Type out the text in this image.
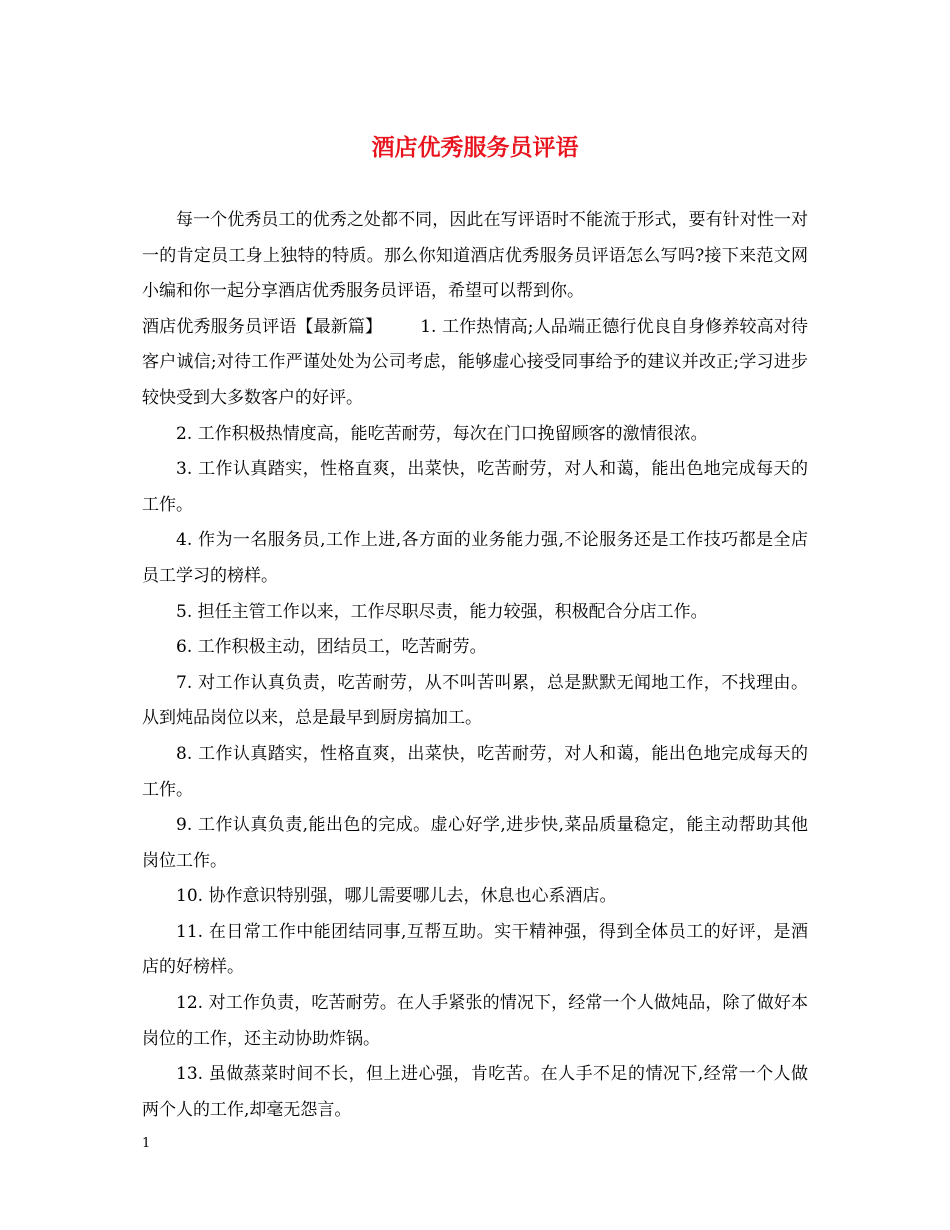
酒店优秀服务员评语

每一个优秀员工的优秀之处都不同，因此在写评语时不能流于形式，要有针对性一对一的肯定员工身上独特的特质。那么你知道酒店优秀服务员评语怎么写吗?接下来范文网小编和你一起分享酒店优秀服务员评语，希望可以帮到你。

酒店优秀服务员评语【最新篇】 1. 工作热情高;人品端正德行优良自身修养较高对待客户诚信;对待工作严谨处处为公司考虑，能够虚心接受同事给予的建议并改正;学习进步较快受到大多数客户的好评。

2. 工作积极热情度高，能吃苦耐劳，每次在门口挽留顾客的激情很浓。

3. 工作认真踏实，性格直爽，出菜快，吃苦耐劳，对人和蔼，能出色地完成每天的工作。

4. 作为一名服务员,工作上进,各方面的业务能力强,不论服务还是工作技巧都是全店员工学习的榜样。

5. 担任主管工作以来，工作尽职尽责，能力较强，积极配合分店工作。

6. 工作积极主动，团结员工，吃苦耐劳。

7. 对工作认真负责，吃苦耐劳，从不叫苦叫累，总是默默无闻地工作，不找理由。从到炖品岗位以来，总是最早到厨房搞加工。

8. 工作认真踏实，性格直爽，出菜快，吃苦耐劳，对人和蔼，能出色地完成每天的工作。

9. 工作认真负责,能出色的完成。虚心好学,进步快,菜品质量稳定，能主动帮助其他岗位工作。

10. 协作意识特别强，哪儿需要哪儿去，休息也心系酒店。

11. 在日常工作中能团结同事,互帮互助。实干精神强，得到全体员工的好评，是酒店的好榜样。

12. 对工作负责，吃苦耐劳。在人手紧张的情况下，经常一个人做炖品，除了做好本岗位的工作，还主动协助炸锅。

13. 虽做蒸菜时间不长，但上进心强，肯吃苦。在人手不足的情况下,经常一个人做两个人的工作,却毫无怨言。

1
